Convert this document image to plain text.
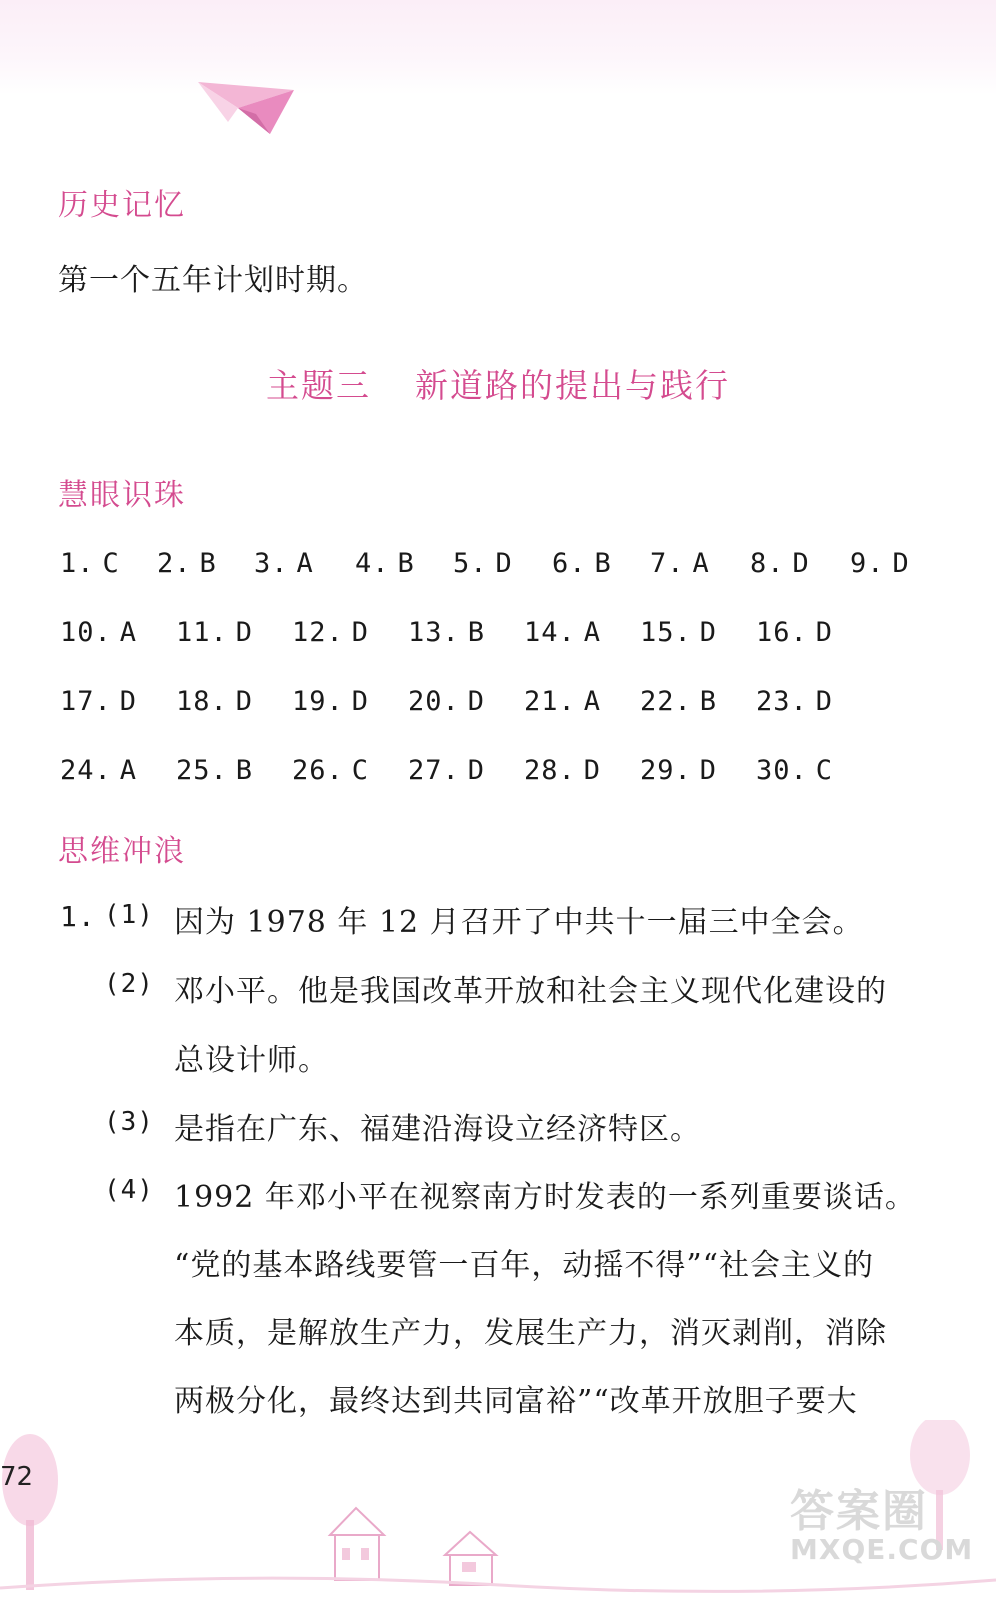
历史记忆
第一个五年计划时期。
主题三 新道路的提出与践行
慧眼识珠
1. C 2. B 3. A 4. B 5. D 6. B 7. A 8. D 9. D
10. A 11. D 12. D 13. B 14. A 15. D 16. D
17. D 18. D 19. D 20. D 21. A 22. B 23. D
24. A 25. B 26. C 27. D 28. D 29. D 30. C
思维冲浪
1. (1) 因为 1978 年 12 月召开了中共十一届三中全会。
(2) 邓小平。他是我国改革开放和社会主义现代化建设的
总设计师。
(3) 是指在广东、福建沿海设立经济特区。
(4) 1992 年邓小平在视察南方时发表的一系列重要谈话。
“党的基本路线要管一百年，动摇不得”“社会主义的
本质，是解放生产力，发展生产力，消灭剥削，消除
两极分化，最终达到共同富裕”“改革开放胆子要大
72
答案圈
MXQE.COM
